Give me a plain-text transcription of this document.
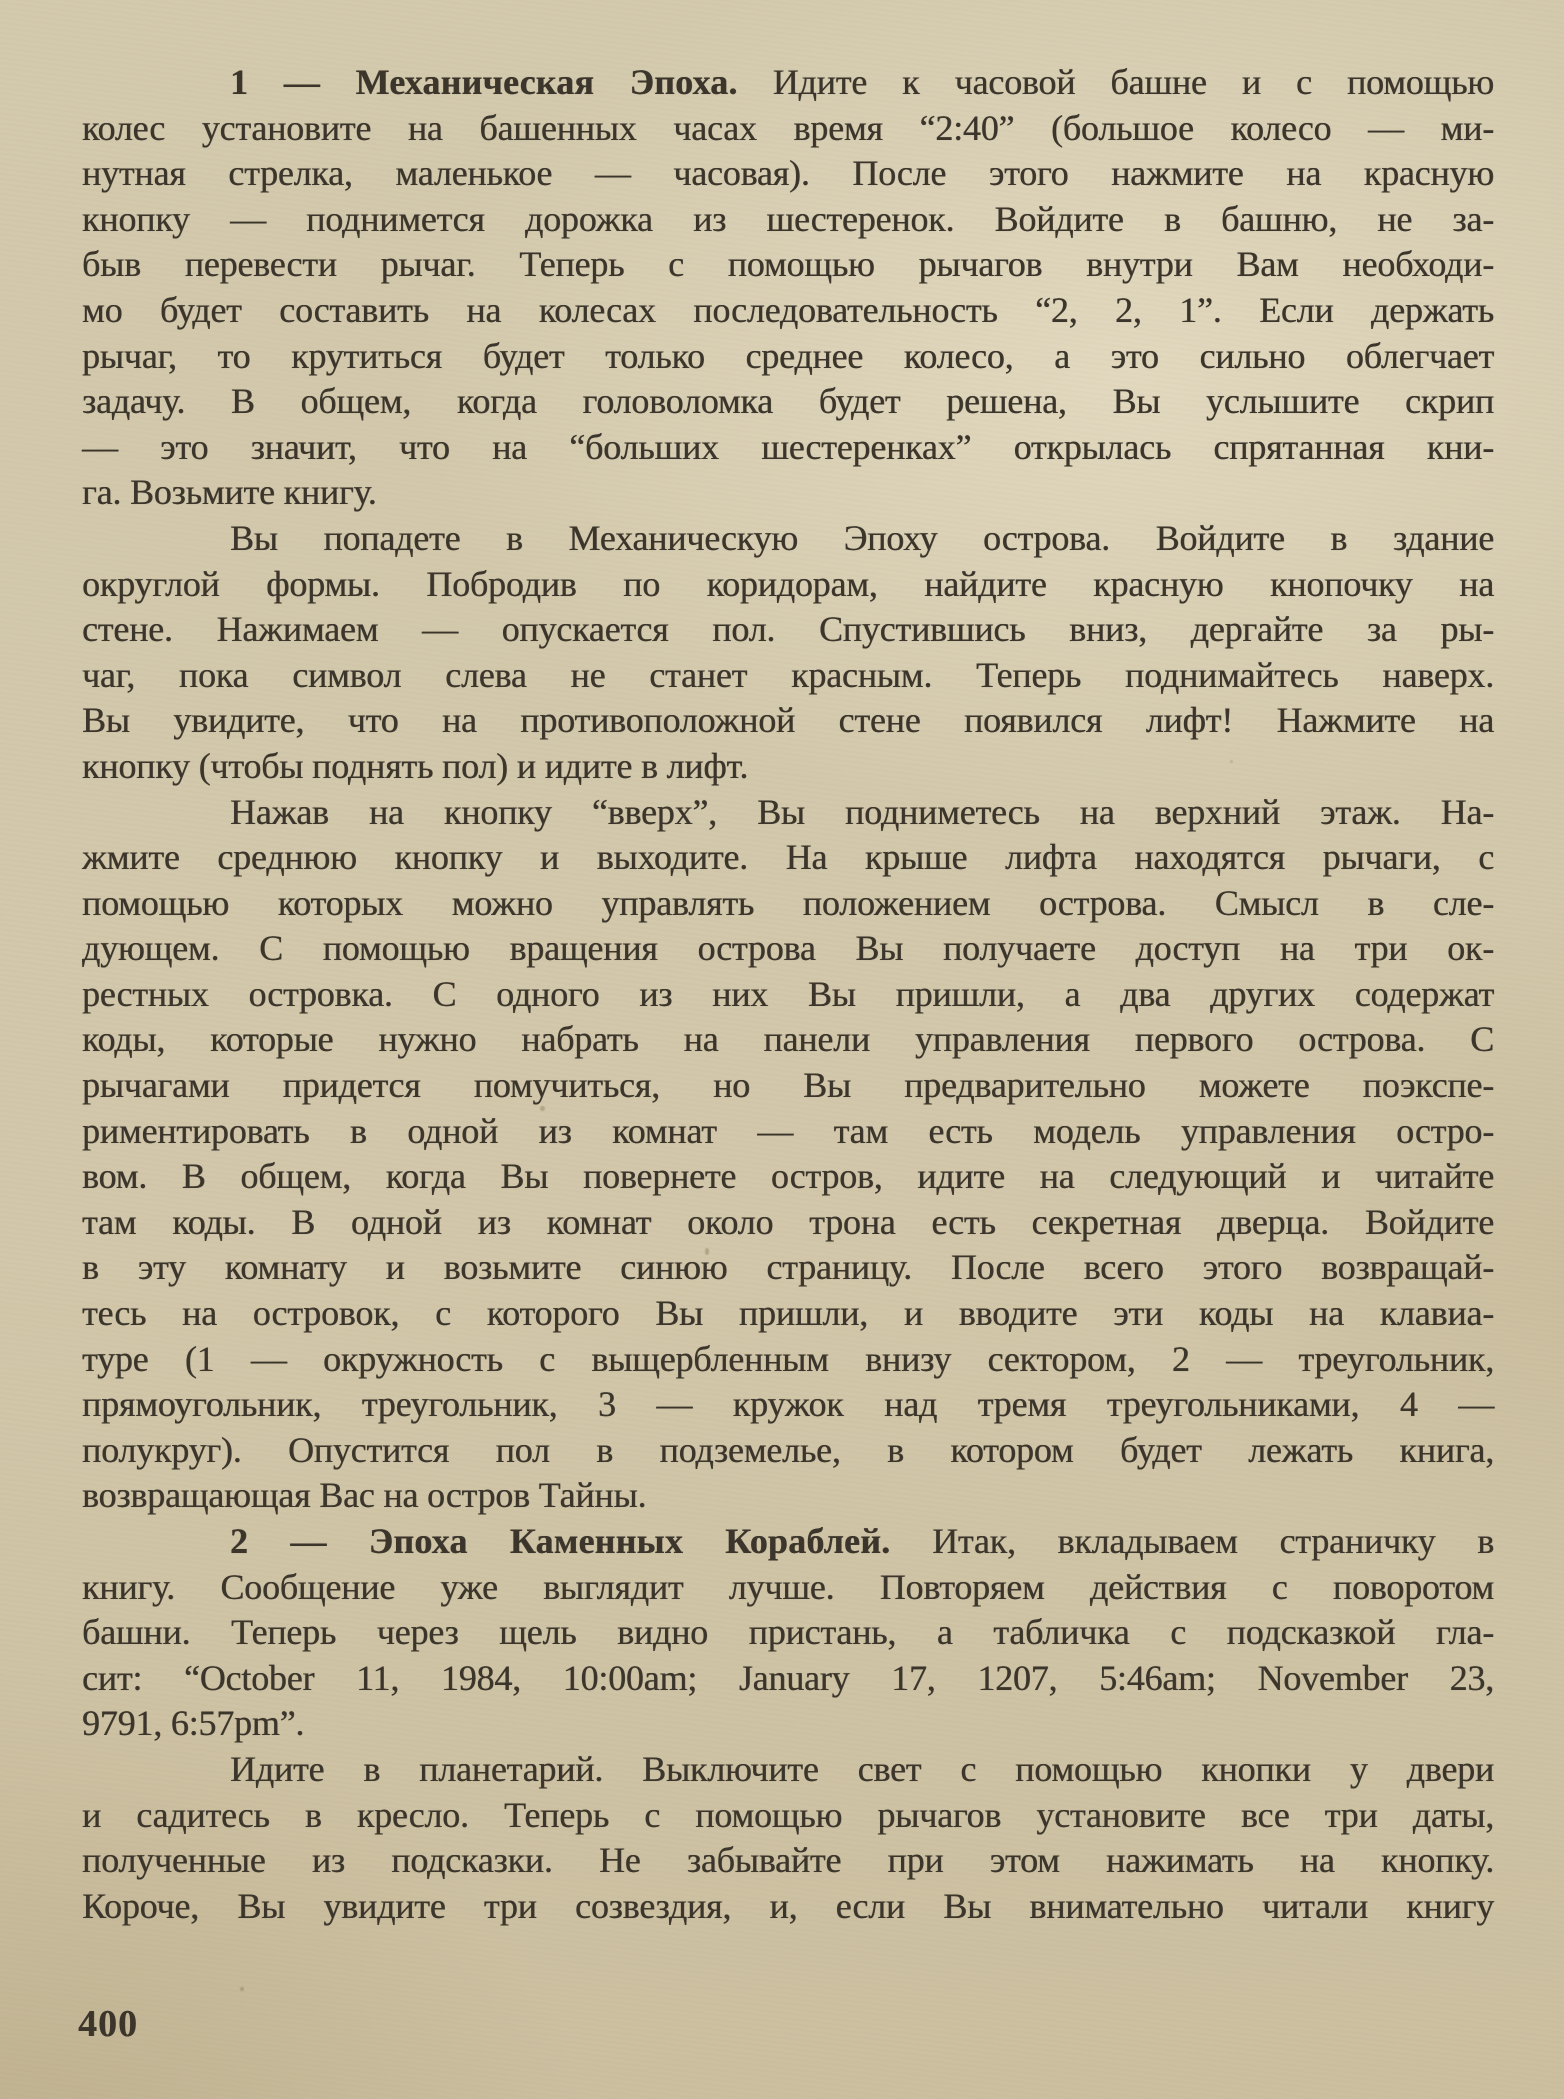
1 — Механическая Эпоха. Идите к часовой башне и с помощью
колес установите на башенных часах время “2:40” (большое колесо — ми-
нутная стрелка, маленькое — часовая). После этого нажмите на красную
кнопку — поднимется дорожка из шестеренок. Войдите в башню, не за-
быв перевести рычаг. Теперь с помощью рычагов внутри Вам необходи-
мо будет составить на колесах последовательность “2, 2, 1”. Если держать
рычаг, то крутиться будет только среднее колесо, а это сильно облегчает
задачу. В общем, когда головоломка будет решена, Вы услышите скрип
— это значит, что на “больших шестеренках” открылась спрятанная кни-
га. Возьмите книгу.
Вы попадете в Механическую Эпоху острова. Войдите в здание
округлой формы. Побродив по коридорам, найдите красную кнопочку на
стене. Нажимаем — опускается пол. Спустившись вниз, дергайте за ры-
чаг, пока символ слева не станет красным. Теперь поднимайтесь наверх.
Вы увидите, что на противоположной стене появился лифт! Нажмите на
кнопку (чтобы поднять пол) и идите в лифт.
Нажав на кнопку “вверх”, Вы подниметесь на верхний этаж. На-
жмите среднюю кнопку и выходите. На крыше лифта находятся рычаги, с
помощью которых можно управлять положением острова. Смысл в сле-
дующем. С помощью вращения острова Вы получаете доступ на три ок-
рестных островка. С одного из них Вы пришли, а два других содержат
коды, которые нужно набрать на панели управления первого острова. С
рычагами придется помучиться, но Вы предварительно можете поэкспе-
риментировать в одной из комнат — там есть модель управления остро-
вом. В общем, когда Вы повернете остров, идите на следующий и читайте
там коды. В одной из комнат около трона есть секретная дверца. Войдите
в эту комнату и возьмите синюю страницу. После всего этого возвращай-
тесь на островок, с которого Вы пришли, и вводите эти коды на клавиа-
туре (1 — окружность с выщербленным внизу сектором, 2 — треугольник,
прямоугольник, треугольник, 3 — кружок над тремя треугольниками, 4 —
полукруг). Опустится пол в подземелье, в котором будет лежать книга,
возвращающая Вас на остров Тайны.
2 — Эпоха Каменных Кораблей. Итак, вкладываем страничку в
книгу. Сообщение уже выглядит лучше. Повторяем действия с поворотом
башни. Теперь через щель видно пристань, а табличка с подсказкой гла-
сит: “October 11, 1984, 10:00am; January 17, 1207, 5:46am; November 23,
9791, 6:57pm”.
Идите в планетарий. Выключите свет с помощью кнопки у двери
и садитесь в кресло. Теперь с помощью рычагов установите все три даты,
полученные из подсказки. Не забывайте при этом нажимать на кнопку.
Короче, Вы увидите три созвездия, и, если Вы внимательно читали книгу
400
